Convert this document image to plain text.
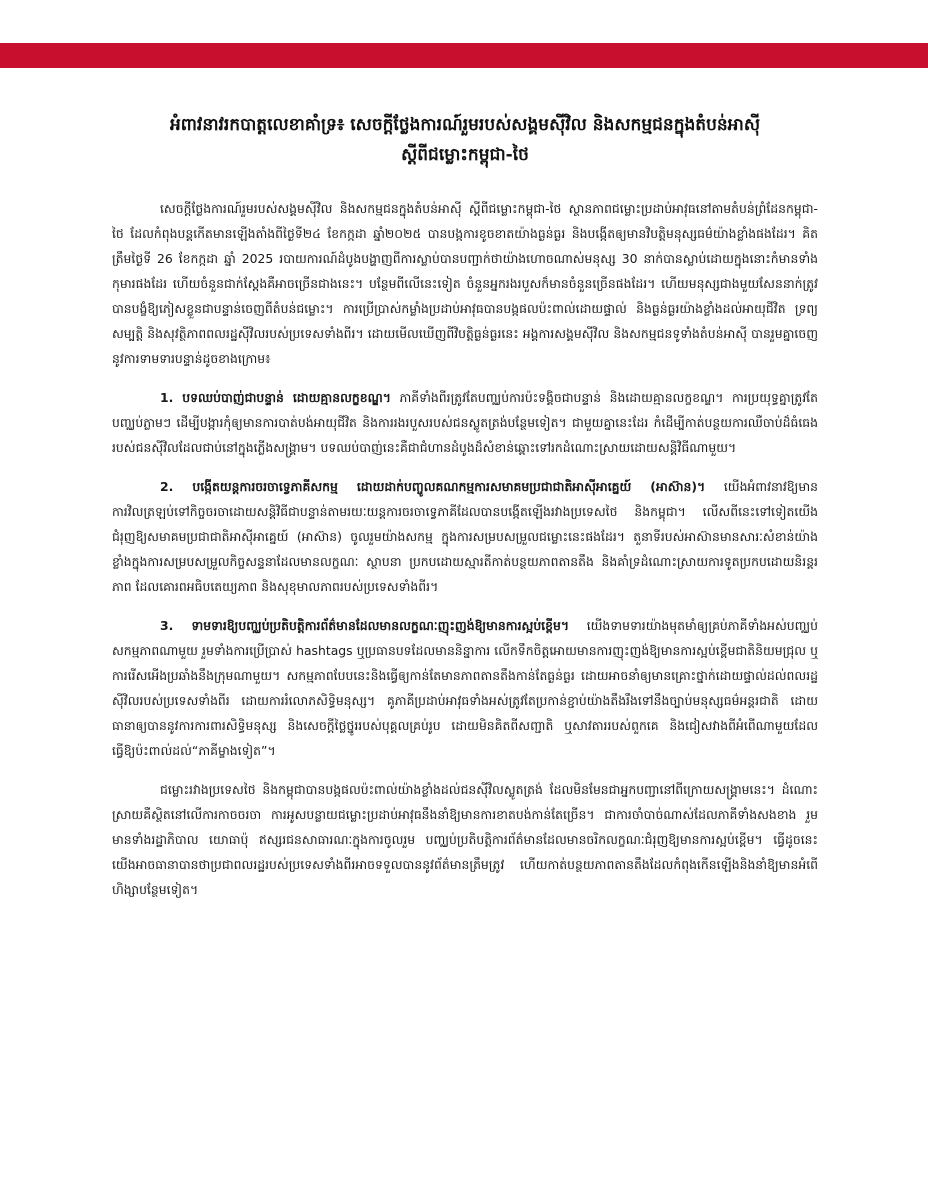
អំពាវនាវរកបាត្តលេខាគាំទ្រ៖ សេចក្តីថ្លែងការណ៍រួមរបស់សង្គមស៊ីវិល និងសកម្មជនក្នុងតំបន់អាស៊ី
ស្តីពីជម្លោះកម្ពុជា-ថៃ

សេចក្តីថ្លែងការណ៍រួមរបស់សង្គមស៊ីវិល និងសកម្មជនក្នុងតំបន់អាស៊ី ស្តីពីជម្លោះកម្ពុជា-ថៃ ស្ថានភាពជម្លោះប្រដាប់អាវុធនៅតាមតំបន់ព្រំដែនកម្ពុជា-ថៃ ដែលកំពុងបន្តកើតមានឡើងតាំងពីថ្ងៃទី២៤ ខែកក្កដា ឆ្នាំ២០២៥ បានបង្កការខូចខាតយ៉ាងធ្ងន់ធ្ងរ និងបង្កើតឲ្យមានវិបត្តិមនុស្សធម៌យ៉ាងខ្លាំងផងដែរ។ គិតត្រឹមថ្ងៃទី 26 ខែកក្កដា ឆ្នាំ 2025 របាយការណ៍ដំបូងបង្ហាញពីការស្លាប់បានបញ្ជាក់ថាយ៉ាងហោចណាស់មនុស្ស 30 នាក់បានស្លាប់ដោយក្នុងនោះកំមានទាំងកុមារផងដែរ ហើយចំនួនជាក់ស្តែងគឺអាចច្រើនជាងនេះ។ បន្ថែមពីលើនេះទៀត ចំនួនអ្នករងរបួសក៏មានចំនួនច្រើនផងដែរ។ ហើយមនុស្សជាងមួយសែននាក់ត្រូវបានបង្ខំឱ្យភៀសខ្លួនជាបន្ទាន់ចេញពីតំបន់ជម្លោះ។ ការប្រើប្រាស់កម្លាំងប្រដាប់អាវុធបានបង្កផលប៉ះពាល់ដោយផ្ទាល់ និងធ្ងន់ធ្ងរយ៉ាងខ្លាំងដល់អាយុជីវិត ទ្រព្យសម្បត្តិ និងសុវត្ថិភាពពលរដ្ឋស៊ីវិលរបស់ប្រទេសទាំងពីរ។ ដោយមើលឃើញពីវិបត្តិធ្ងន់ធ្ងរនេះ អង្គការសង្គមស៊ីវិល និងសកម្មជនទូទាំងតំបន់អាស៊ី បានរួមគ្នាចេញនូវការទាមទារបន្ទាន់ដូចខាងក្រោម៖

1. បទឈប់បាញ់ជាបន្ទាន់ ដោយគ្មានលក្ខខណ្ឌ។ ភាគីទាំងពីរត្រូវតែបញ្ឈប់ការប៉ះទង្គិចជាបន្ទាន់ និងដោយគ្មានលក្ខខណ្ឌ។ ការប្រយុទ្ធគ្នាត្រូវតែបញ្ឈប់ភ្លាមៗ ដើម្បីបង្ការកុំឲ្យមានការបាត់បង់អាយុជីវិត និងការរងរបួសរបស់ជនស្លូតត្រង់បន្ថែមទៀត។ ជាមួយគ្នានេះដែរ កំដើម្បីកាត់បន្ថយការឈឺចាប់ដ៏ធំធេងរបស់ជនស៊ីវិលដែលជាប់នៅក្នុងភ្លើងសង្គ្រាម។ បទឈប់បាញ់នេះគឺជាជំហានដំបូងដ៏សំខាន់ឆ្ពោះទៅរកដំណោះស្រាយដោយសន្តិវិធីណាមួយ។

2. បង្កើតយន្តការចរចាទ្វេភាគីសកម្ម ដោយដាក់បញ្ចូលគណកម្មការសមាគមប្រជាជាតិអាស៊ីអាគ្នេយ៍ (អាស៊ាន)។ យើងអំពាវនាវឱ្យមានការវិលត្រឡប់ទៅកិច្ចចរចាដោយសន្តិវិធីជាបន្ទាន់តាមរយៈយន្តការចរចាទ្វេភាគីដែលបានបង្កើតឡើងរវាងប្រទេសថៃ និងកម្ពុជា។ លើសពីនេះទៅទៀតយើងជំរុញឱ្យសមាគមប្រជាជាតិអាស៊ីអាគ្នេយ៍ (អាស៊ាន) ចូលរួមយ៉ាងសកម្ម ក្នុងការសម្របសម្រួលជម្លោះនេះផងដែរ។ តួនាទីរបស់អាស៊ានមានសារៈសំខាន់យ៉ាងខ្លាំងក្នុងការសម្របសម្រួលកិច្ចសន្ទនាដែលមានលក្ខណៈ ស្ថាបនា ប្រកបដោយស្មារតីកាត់បន្ថយភាពតានតឹង និងគាំទ្រដំណោះស្រាយការទូតប្រកបដោយនិរន្តរភាព ដែលគោរពអធិបតេយ្យភាព និងសុខុមាលភាពរបស់ប្រទេសទាំងពីរ។

3. ទាមទារឱ្យបញ្ឈប់ប្រតិបត្តិការព័ត៌មានដែលមានលក្ខណៈញុះញង់ឱ្យមានការស្អប់ខ្ពើម។ យើងទាមទារយ៉ាងមុតមាំឲ្យគ្រប់ភាគីទាំងអស់បញ្ឈប់សកម្មភាពណាមួយ រួមទាំងការប្រើប្រាស់ hashtags ឬប្រធានបទដែលមាននិន្នាការ លើកទឹកចិត្តអោយមានការញុះញង់ឱ្យមានការស្អប់ខ្ពើមជាតិនិយមជ្រុល ឬការរើសអើងប្រឆាំងនឹងក្រុមណាមួយ។ សកម្មភាពបែបនេះនិងធ្វើឲ្យកាន់តែមានភាពតានតឹងកាន់តែធ្ងន់ធ្ងរ ដោយអាចនាំឲ្យមានគ្រោះថ្នាក់ដោយផ្ទាល់ដល់ពលរដ្ឋស៊ីវិលរបស់ប្រទេសទាំងពីរ ដោយការរំលោភសិទ្ធិមនុស្ស។ គូភាគីប្រដាប់អាវុធទាំងអស់ត្រូវតែប្រកាន់ខ្ជាប់យ៉ាងតឹងរឹងទៅនឹងច្បាប់មនុស្សធម៌អន្តរជាតិ ដោយធានាឲ្យបាននូវការការពារសិទ្ធិមនុស្ស និងសេចក្តីថ្លៃថ្នូររបស់បុគ្គលគ្រប់រូប ដោយមិនគិតពីសញ្ជាតិ ឬសាវតាររបស់ពួកគេ និងជៀសវាងពីអំពើណាមួយដែលធ្វើឱ្យប៉ះពាល់ដល់“ភាគីម្ខាងទៀត”។

ជម្លោះរវាងប្រទេសថៃ និងកម្ពុជាបានបង្កផលប៉ះពាល់យ៉ាងខ្លាំងដល់ជនស៊ីវិលស្លូតត្រង់ ដែលមិនមែនជាអ្នកបញ្ជានៅពីក្រោយសង្គ្រាមនេះ។ ដំណោះស្រាយគឺស្ថិតនៅលើការកាចចរចា ការអូសបន្លាយជម្លោះប្រដាប់អាវុធនឹងនាំឱ្យមានការខាតបង់កាន់តែច្រើន។ ជាការចាំបាច់ណាស់ដែលភាគីទាំងសងខាង រួមមានទាំងរដ្ឋាភិបាល យោធាប៉ុ ឥស្សរជនសាធារណៈក្នុងការចូលរួម បញ្ឈប់ប្រតិបត្តិការព័ត៌មានដែលមានចរិកលក្ខណៈជំរុញឱ្យមានការស្អប់ខ្ពើម។ ធ្វើដូចនេះ យើងអាចធានាបានថាប្រជាពលរដ្ឋរបស់ប្រទេសទាំងពីរអាចទទួលបាននូវព័ត៌មានត្រឹមត្រូវ ហើយកាត់បន្ថយភាពតានតឹងដែលកំពុងកើនឡើងនិងនាំឱ្យមានអំពើហិង្សាបន្ថែមទៀត។
